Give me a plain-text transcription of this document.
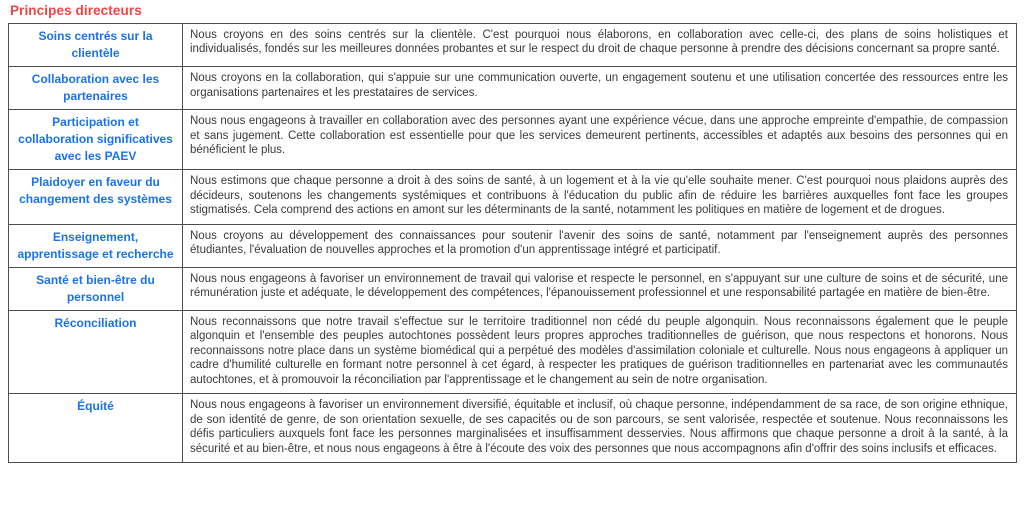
Principes directeurs
Soins centrés sur la clientèle	Nous croyons en des soins centrés sur la clientèle. C'est pourquoi nous élaborons, en collaboration avec celle-ci, des plans de soins holistiques et individualisés, fondés sur les meilleures données probantes et sur le respect du droit de chaque personne à prendre des décisions concernant sa propre santé.
Collaboration avec les partenaires	Nous croyons en la collaboration, qui s'appuie sur une communication ouverte, un engagement soutenu et une utilisation concertée des ressources entre les organisations partenaires et les prestataires de services.
Participation et collaboration significatives avec les PAEV	Nous nous engageons à travailler en collaboration avec des personnes ayant une expérience vécue, dans une approche empreinte d'empathie, de compassion et sans jugement. Cette collaboration est essentielle pour que les services demeurent pertinents, accessibles et adaptés aux besoins des personnes qui en bénéficient le plus.
Plaidoyer en faveur du changement des systèmes	Nous estimons que chaque personne a droit à des soins de santé, à un logement et à la vie qu'elle souhaite mener. C'est pourquoi nous plaidons auprès des décideurs, soutenons les changements systémiques et contribuons à l'éducation du public afin de réduire les barrières auxquelles font face les groupes stigmatisés. Cela comprend des actions en amont sur les déterminants de la santé, notamment les politiques en matière de logement et de drogues.
Enseignement, apprentissage et recherche	Nous croyons au développement des connaissances pour soutenir l'avenir des soins de santé, notamment par l'enseignement auprès des personnes étudiantes, l'évaluation de nouvelles approches et la promotion d'un apprentissage intégré et participatif.
Santé et bien-être du personnel	Nous nous engageons à favoriser un environnement de travail qui valorise et respecte le personnel, en s'appuyant sur une culture de soins et de sécurité, une rémunération juste et adéquate, le développement des compétences, l'épanouissement professionnel et une responsabilité partagée en matière de bien-être.
Réconciliation	Nous reconnaissons que notre travail s'effectue sur le territoire traditionnel non cédé du peuple algonquin. Nous reconnaissons également que le peuple algonquin et l'ensemble des peuples autochtones possèdent leurs propres approches traditionnelles de guérison, que nous respectons et honorons. Nous reconnaissons notre place dans un système biomédical qui a perpétué des modèles d'assimilation coloniale et culturelle. Nous nous engageons à appliquer un cadre d'humilité culturelle en formant notre personnel à cet égard, à respecter les pratiques de guérison traditionnelles en partenariat avec les communautés autochtones, et à promouvoir la réconciliation par l'apprentissage et le changement au sein de notre organisation.
Équité	Nous nous engageons à favoriser un environnement diversifié, équitable et inclusif, où chaque personne, indépendamment de sa race, de son origine ethnique, de son identité de genre, de son orientation sexuelle, de ses capacités ou de son parcours, se sent valorisée, respectée et soutenue. Nous reconnaissons les défis particuliers auxquels font face les personnes marginalisées et insuffisamment desservies. Nous affirmons que chaque personne a droit à la santé, à la sécurité et au bien-être, et nous nous engageons à être à l'écoute des voix des personnes que nous accompagnons afin d'offrir des soins inclusifs et efficaces.
